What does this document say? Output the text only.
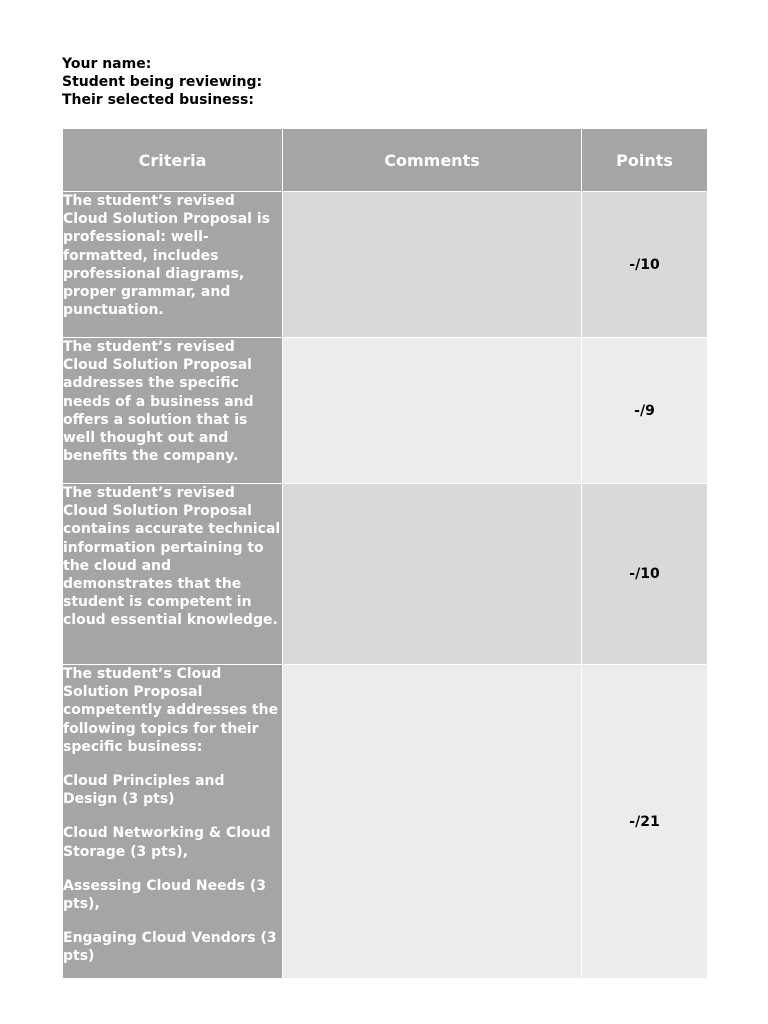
Your name:
Student being reviewing:
Their selected business:
Criteria	Comments	Points
The student’s revised Cloud Solution Proposal is professional: well-formatted, includes professional diagrams, proper grammar, and punctuation.		-/10
The student’s revised Cloud Solution Proposal addresses the specific needs of a business and offers a solution that is well thought out and benefits the company.		-/9
The student’s revised Cloud Solution Proposal contains accurate technical information pertaining to the cloud and demonstrates that the student is competent in cloud essential knowledge.		-/10

The student’s Cloud Solution Proposal competently addresses the following topics for their specific business:

Cloud Principles and Design (3 pts)

Cloud Networking & Cloud Storage (3 pts),

Assessing Cloud Needs (3 pts),

Engaging Cloud Vendors (3 pts)		-/21
